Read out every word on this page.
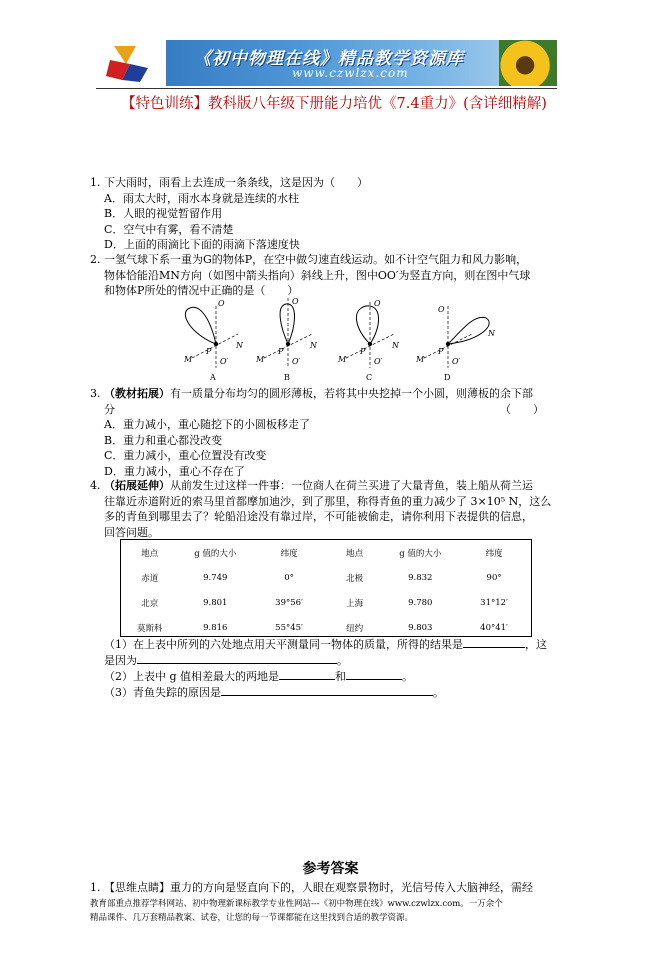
《初中物理在线》精品教学资源库
www.czwlzx.com
【特色训练】教科版八年级下册能力培优《7.4重力》(含详细精解)
1. 下大雨时，雨看上去连成一条条线，这是因为（　　）
A．雨太大时，雨水本身就是连续的水柱
B．人眼的视觉暂留作用
C．空气中有雾，看不清楚
D．上面的雨滴比下面的雨滴下落速度快
2. 一氢气球下系一重为G的物体P，在空中做匀速直线运动。如不计空气阻力和风力影响，
物体恰能沿MN方向（如图中箭头指向）斜线上升，图中OO′为竖直方向，则在图中气球
和物体P所处的情况中正确的是（　　）
O
O′
M
N
P
A
O
O′
M
N
P
B
O
O′
M
N
P
C
O
O′
M
N
P
D
3. （教材拓展）有一质量分布均匀的圆形薄板，若将其中央挖掉一个小圆，则薄板的余下部
分	（　　）
A．重力减小，重心随挖下的小圆板移走了
B．重力和重心都没改变
C．重力减小，重心位置没有改变
D．重力减小，重心不存在了
4. （拓展延伸）从前发生过这样一件事：一位商人在荷兰买进了大量青鱼，装上船从荷兰运
往靠近赤道附近的索马里首都摩加迪沙，到了那里，称得青鱼的重力减少了 3×10⁵ N，这么
多的青鱼到哪里去了？轮船沿途没有靠过岸，不可能被偷走，请你利用下表提供的信息，
回答问题。
地点	g 值的大小	纬度	地点	g 值的大小	纬度
赤道	9.749	0°	北极	9.832	90°
北京	9.801	39°56′	上海	9.780	31°12′
莫斯科	9.816	55°45′	纽约	9.803	40°41′
（1）在上表中所列的六处地点用天平测量同一物体的质量，所得的结果是	，这
是因为	。
（2）上表中 g 值相差最大的两地是	和	。
（3）青鱼失踪的原因是	。
参考答案
1. 【思维点睛】重力的方向是竖直向下的，人眼在观察景物时，光信号传入大脑神经，需经
教育部重点推荐学科网站、初中物理新课标教学专业性网站---《初中物理在线》www.czwlzx.com。一万余个
精品课件、几万套精品教案、试卷，让您的每一节课都能在这里找到合适的教学资源。
